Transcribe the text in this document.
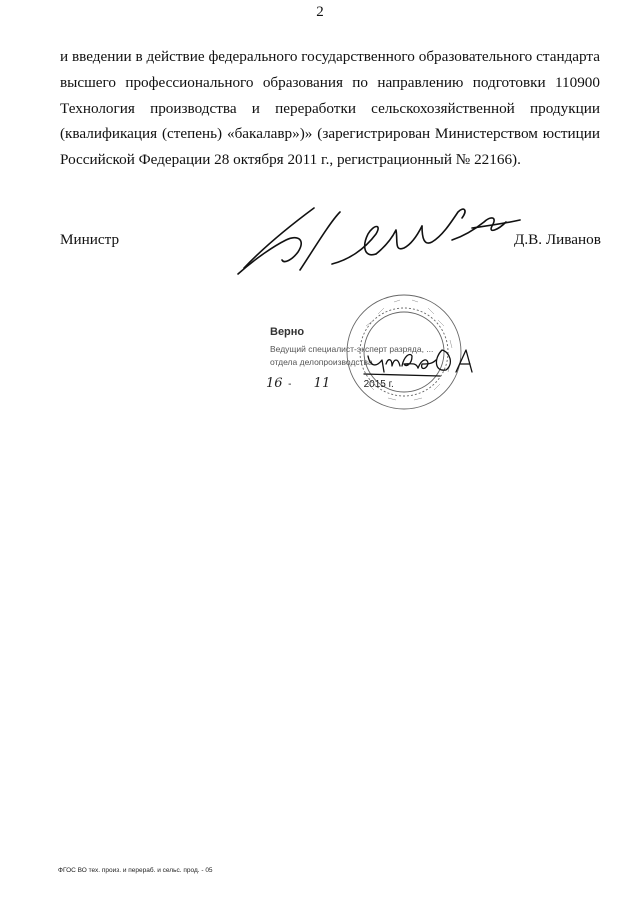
2
и введении в действие федерального государственного образовательного стандарта
высшего профессионального образования по направлению подготовки 110900
Технология производства и переработки сельскохозяйственной продукции
(квалификация (степень) «бакалавр»)» (зарегистрирован Министерством юстиции
Российской Федерации 28 октября 2011 г., регистрационный № 22166).
Министр	Д.В. Ливанов
Верно
Ведущий специалист-эксперт разряда, ...
отдела делопроизводства
16  -        11	2015 г.
ФГОС ВО тех. произ. и перераб. и сельс. прод. - 05
